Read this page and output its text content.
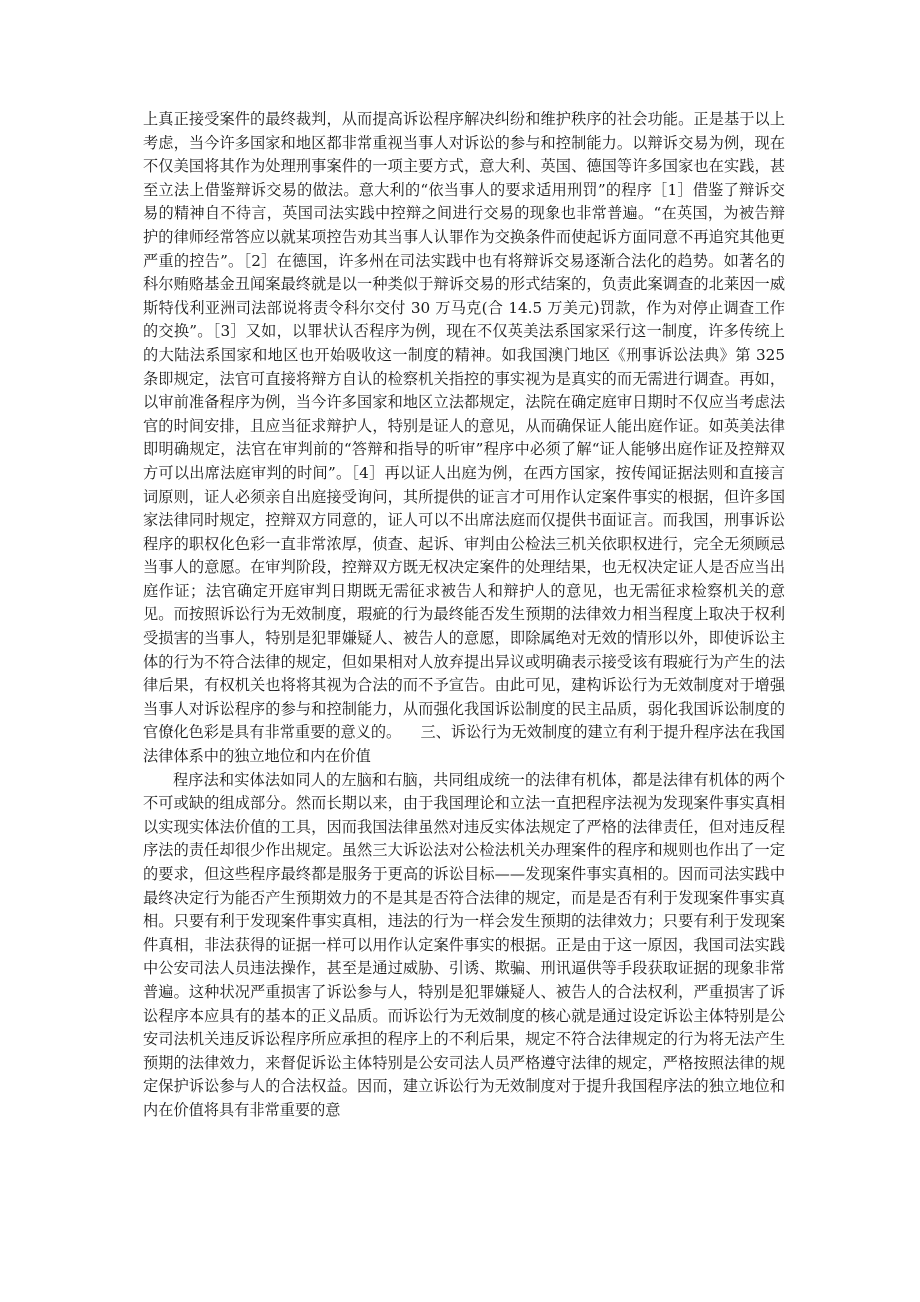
上真正接受案件的最终裁判，从而提高诉讼程序解决纠纷和维护秩序的社会功能。正是基于以上考虑，当今许多国家和地区都非常重视当事人对诉讼的参与和控制能力。以辩诉交易为例，现在不仅美国将其作为处理刑事案件的一项主要方式，意大利、英国、德国等许多国家也在实践，甚至立法上借鉴辩诉交易的做法。意大利的“依当事人的要求适用刑罚”的程序［1］借鉴了辩诉交易的精神自不待言，英国司法实践中控辩之间进行交易的现象也非常普遍。“在英国，为被告辩护的律师经常答应以就某项控告劝其当事人认罪作为交换条件而使起诉方面同意不再追究其他更严重的控告”。［2］在德国，许多州在司法实践中也有将辩诉交易逐渐合法化的趋势。如著名的科尔贿赂基金丑闻案最终就是以一种类似于辩诉交易的形式结案的，负责此案调查的北莱因一威斯特伐利亚洲司法部说将责令科尔交付 30 万马克(合 14.5 万美元)罚款，作为对停止调查工作的交换”。［3］又如，以罪状认否程序为例，现在不仅英美法系国家采行这一制度，许多传统上的大陆法系国家和地区也开始吸收这一制度的精神。如我国澳门地区《刑事诉讼法典》第 325 条即规定，法官可直接将辩方自认的检察机关指控的事实视为是真实的而无需进行调查。再如，以审前准备程序为例，当今许多国家和地区立法都规定，法院在确定庭审日期时不仅应当考虑法官的时间安排，且应当征求辩护人，特别是证人的意见，从而确保证人能出庭作证。如英美法律即明确规定，法官在审判前的“答辩和指导的听审”程序中必须了解“证人能够出庭作证及控辩双方可以出席法庭审判的时间”。［4］再以证人出庭为例，在西方国家，按传闻证据法则和直接言词原则，证人必须亲自出庭接受询问，其所提供的证言才可用作认定案件事实的根据，但许多国家法律同时规定，控辩双方同意的，证人可以不出席法庭而仅提供书面证言。而我国，刑事诉讼程序的职权化色彩一直非常浓厚，侦查、起诉、审判由公检法三机关依职权进行，完全无须顾忌当事人的意愿。在审判阶段，控辩双方既无权决定案件的处理结果，也无权决定证人是否应当出庭作证；法官确定开庭审判日期既无需征求被告人和辩护人的意见，也无需征求检察机关的意见。而按照诉讼行为无效制度，瑕疵的行为最终能否发生预期的法律效力相当程度上取决于权利受损害的当事人，特别是犯罪嫌疑人、被告人的意愿，即除属绝对无效的情形以外，即使诉讼主体的行为不符合法律的规定，但如果相对人放弃提出异议或明确表示接受该有瑕疵行为产生的法律后果，有权机关也将将其视为合法的而不予宣告。由此可见，建构诉讼行为无效制度对于增强当事人对诉讼程序的参与和控制能力，从而强化我国诉讼制度的民主品质，弱化我国诉讼制度的官僚化色彩是具有非常重要的意义的。    三、诉讼行为无效制度的建立有利于提升程序法在我国法律体系中的独立地位和内在价值

程序法和实体法如同人的左脑和右脑，共同组成统一的法律有机体，都是法律有机体的两个不可或缺的组成部分。然而长期以来，由于我国理论和立法一直把程序法视为发现案件事实真相以实现实体法价值的工具，因而我国法律虽然对违反实体法规定了严格的法律责任，但对违反程序法的责任却很少作出规定。虽然三大诉讼法对公检法机关办理案件的程序和规则也作出了一定的要求，但这些程序最终都是服务于更高的诉讼目标——发现案件事实真相的。因而司法实践中最终决定行为能否产生预期效力的不是其是否符合法律的规定，而是是否有利于发现案件事实真相。只要有利于发现案件事实真相，违法的行为一样会发生预期的法律效力；只要有利于发现案件真相，非法获得的证据一样可以用作认定案件事实的根据。正是由于这一原因，我国司法实践中公安司法人员违法操作，甚至是通过威胁、引诱、欺骗、刑讯逼供等手段获取证据的现象非常普遍。这种状况严重损害了诉讼参与人，特别是犯罪嫌疑人、被告人的合法权利，严重损害了诉讼程序本应具有的基本的正义品质。而诉讼行为无效制度的核心就是通过设定诉讼主体特别是公安司法机关违反诉讼程序所应承担的程序上的不利后果，规定不符合法律规定的行为将无法产生预期的法律效力，来督促诉讼主体特别是公安司法人员严格遵守法律的规定，严格按照法律的规定保护诉讼参与人的合法权益。因而，建立诉讼行为无效制度对于提升我国程序法的独立地位和内在价值将具有非常重要的意
